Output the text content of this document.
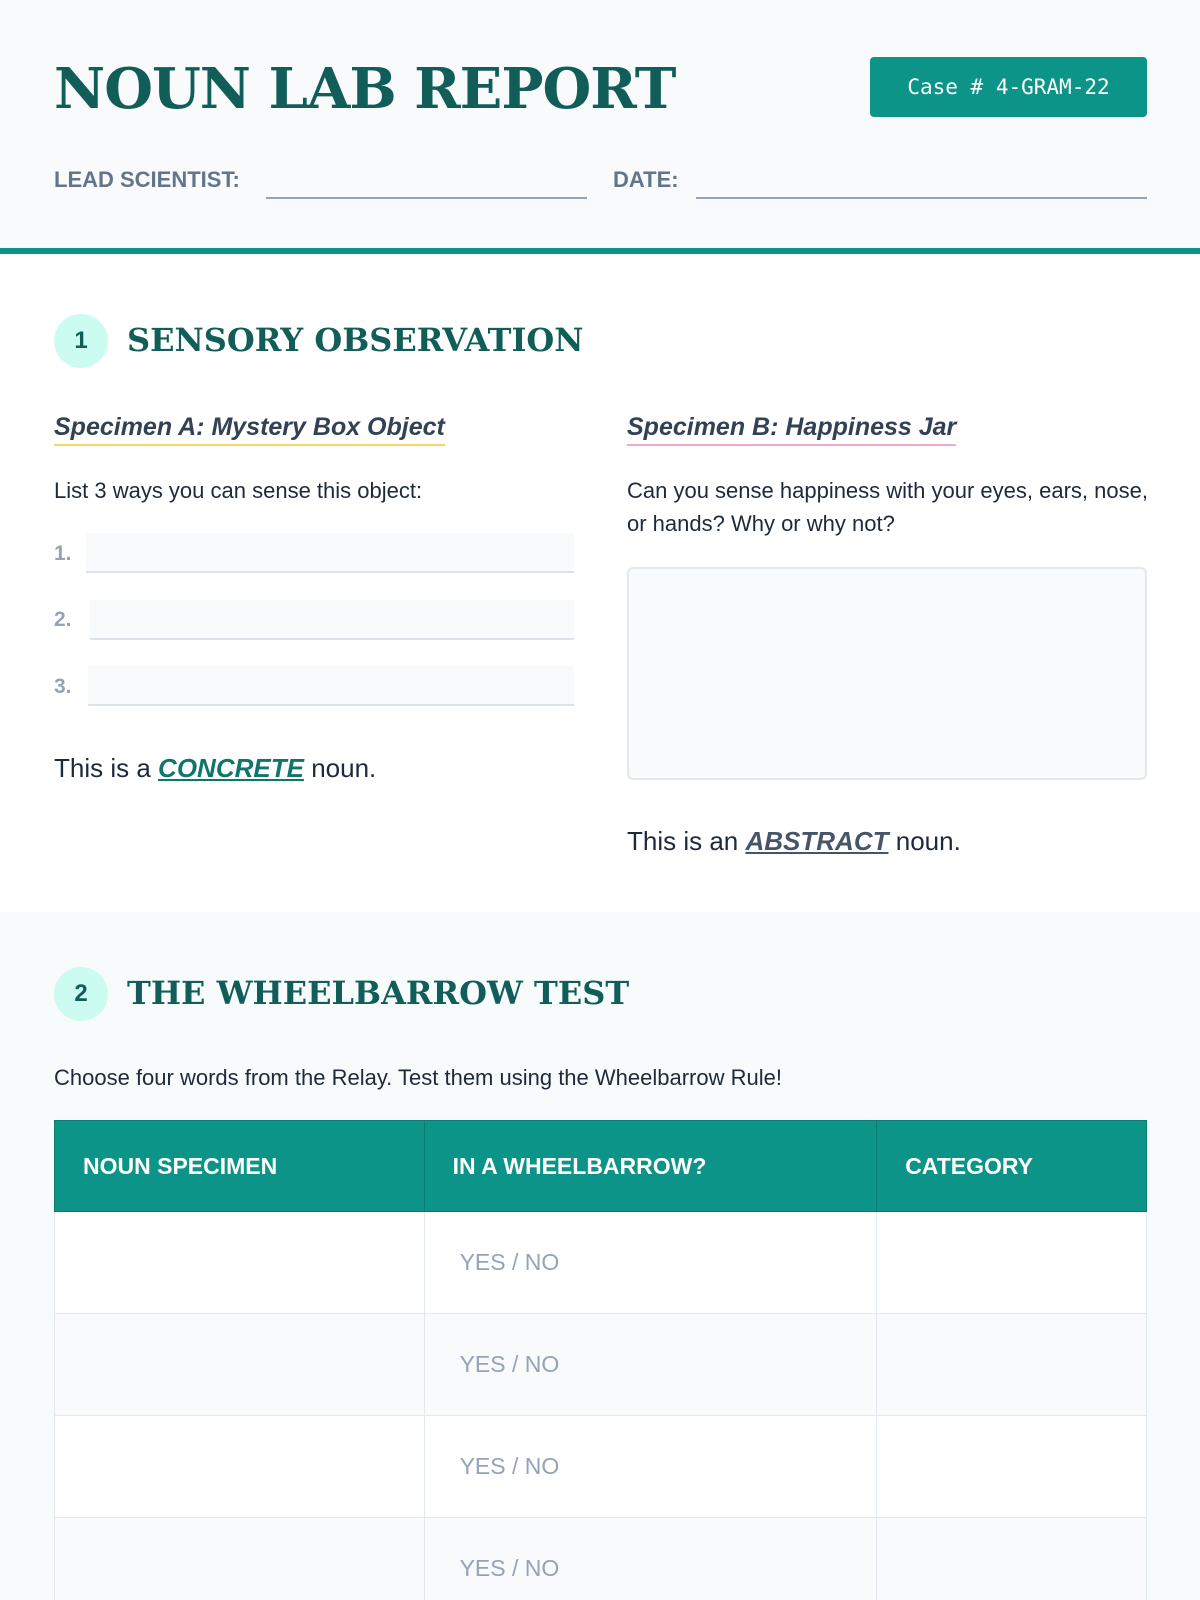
NOUN LAB REPORT	Case # 4-GRAM-22
LEAD SCIENTIST:	DATE:
1	SENSORY OBSERVATION
Specimen A: Mystery Box Object
List 3 ways you can sense this object:
1.
2.
3.
This is a CONCRETE noun.
Specimen B: Happiness Jar
Can you sense happiness with your eyes, ears, nose, or hands? Why or why not?
This is an ABSTRACT noun.
2	THE WHEELBARROW TEST
Choose four words from the Relay. Test them using the Wheelbarrow Rule!
NOUN SPECIMEN	IN A WHEELBARROW?	CATEGORY
	YES / NO	
	YES / NO	
	YES / NO	
	YES / NO	
